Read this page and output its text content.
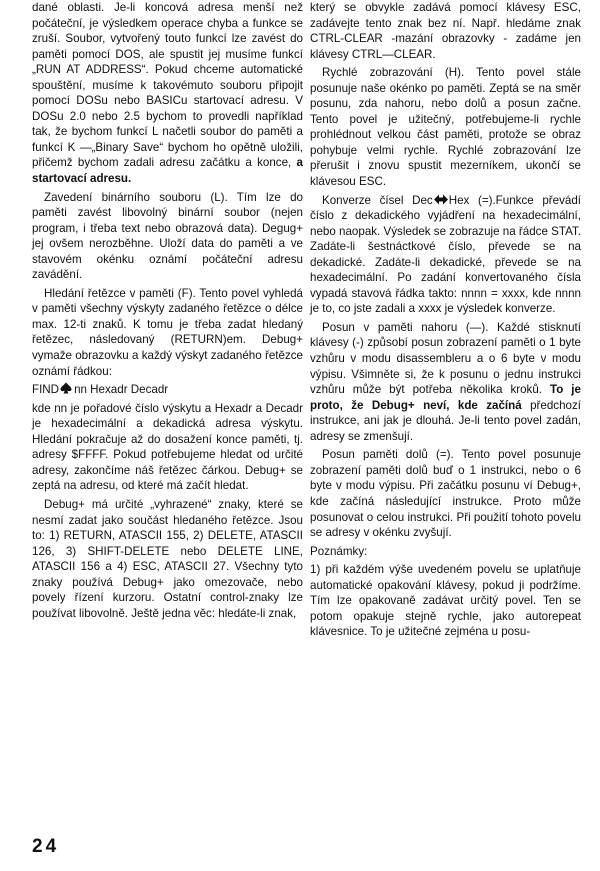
dané oblasti. Je-li koncová adresa menší než počáteční, je výsledkem operace chyba a funkce se zruší. Soubor, vytvořený touto funkcí lze zavést do paměti pomocí DOS, ale spustit jej musíme funkcí „RUN AT ADDRESS“. Pokud chceme automatické spouštění, musíme k takovémuto souboru připojit pomocí DOSu nebo BASICu startovací adresu. V DOSu 2.0 nebo 2.5 bychom to provedli například tak, že bychom funkcí L načetli soubor do paměti a funkcí K —„Binary Save“ bychom ho opětně uložili, přičemž bychom zadali adresu začátku a konce, a startovací adresu.

Zavedení binárního souboru (L). Tím lze do paměti zavést libovolný binární soubor (nejen program, i třeba text nebo obrazová data). Degug+ jej ovšem nerozběhne. Uloží data do paměti a ve stavovém okénku oznámí počáteční adresu zavádění.

Hledání řetězce v paměti (F). Tento povel vyhledá v paměti všechny výskyty zadaného řetězce o délce max. 12-ti znaků. K tomu je třeba zadat hledaný řetězec, následovaný (RETURN)em. Debug+ vymaže obrazovku a každý výskyt zadaného řetězce oznámí řádkou:

FIND nn Hexadr Decadr

kde nn je pořadové číslo výskytu a Hexadr a Decadr je hexadecimální a dekadická adresa výskytu. Hledání pokračuje až do dosažení konce paměti, tj. adresy $FFFF. Pokud potřebujeme hledat od určité adresy, zakončíme náš řetězec čárkou. Debug+ se zeptá na adresu, od které má začít hledat.

Debug+ má určité „vyhrazené“ znaky, které se nesmí zadat jako součást hledaného řetězce. Jsou to: 1) RETURN, ATASCII 155, 2) DELETE, ATASCII 126, 3) SHIFT-DELETE nebo DELETE LINE, ATASCII 156 a 4) ESC, ATASCII 27. Všechny tyto znaky používá Debug+ jako omezovače, nebo povely řízení kurzoru. Ostatní control-znaky lze používat libovolně. Ještě jedna věc: hledáte-li znak,

který se obvykle zadává pomocí klávesy ESC, zadávejte tento znak bez ní. Např. hledáme znak CTRL-CLEAR -mazání obrazovky - zadáme jen klávesy CTRL—CLEAR.

Rychlé zobrazování (H). Tento povel stále posunuje naše okénko po paměti. Zeptá se na směr posunu, zda nahoru, nebo dolů a posun začne. Tento povel je užitečný, potřebujeme-li rychle prohlédnout velkou část paměti, protože se obraz pohybuje velmi rychle. Rychlé zobrazování lze přerušit i znovu spustit mezerníkem, ukončí se klávesou ESC.

Konverze čísel Dec Hex (=).Funkce převádí číslo z dekadického vyjádření na hexadecimální, nebo naopak. Výsledek se zobrazuje na řádce STAT. Zadáte-li šestnáctkové číslo, převede se na dekadické. Zadáte-li dekadické, převede se na hexadecimální. Po zadání konvertovaného čísla vypadá stavová řádka takto: nnnn = xxxx, kde nnnn je to, co jste zadali a xxxx je výsledek konverze.

Posun v paměti nahoru (—). Každé stisknutí klávesy (-) způsobí posun zobrazení paměti o 1 byte vzhůru v modu disassembleru a o 6 byte v modu výpisu. Všimněte si, že k posunu o jednu instrukci vzhůru může být potřeba několika kroků. To je proto, že Debug+ neví, kde začíná předchozí instrukce, ani jak je dlouhá. Je-li tento povel zadán, adresy se zmenšují.

Posun paměti dolů (=). Tento povel posunuje zobrazení paměti dolů buď o 1 instrukci, nebo o 6 byte v modu výpisu. Při začátku posunu ví Debug+, kde začíná následující instrukce. Proto může posunovat o celou instrukci. Při použití tohoto povelu se adresy v okénku zvyšují.

Poznámky:

1) při každém výše uvedeném povelu se uplatňuje automatické opakování klávesy, pokud ji podržíme. Tím lze opakovaně zadávat určitý povel. Ten se potom opakuje stejně rychle, jako autorepeat klávesnice. To je užitečné zejména u posu-

24
